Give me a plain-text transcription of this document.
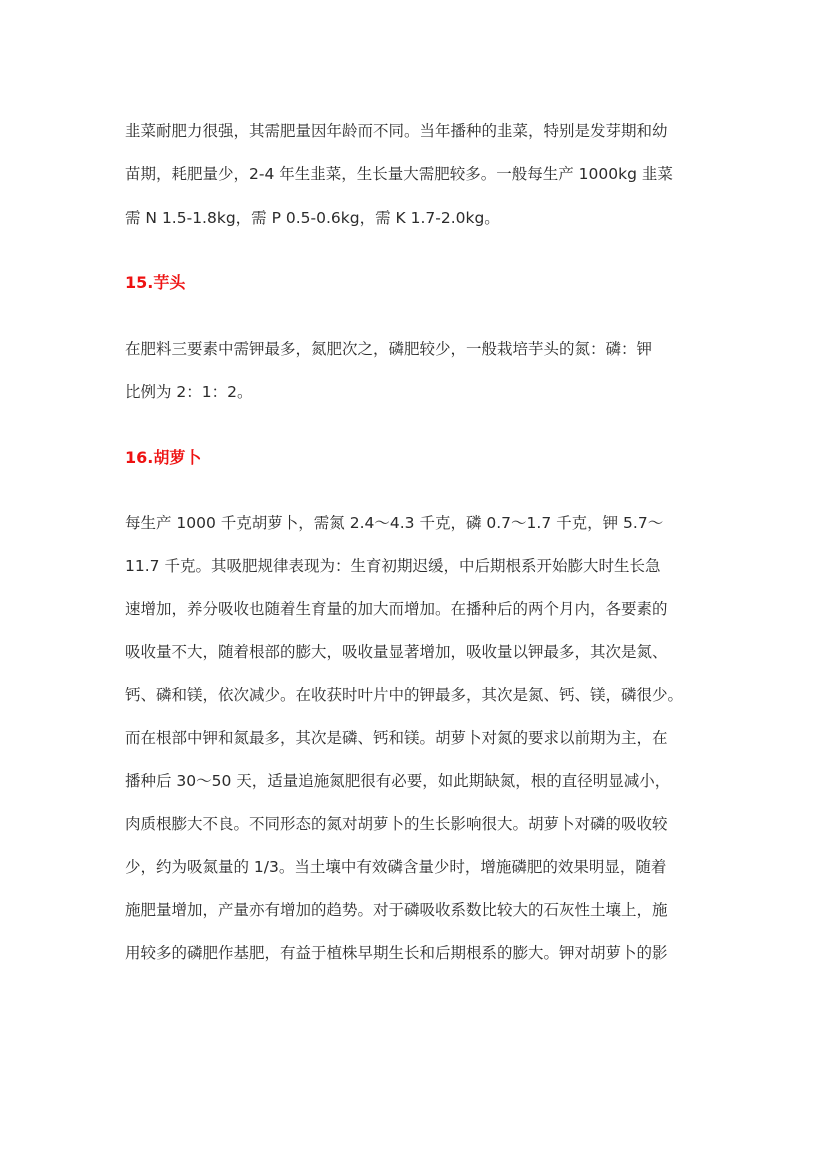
韭菜耐肥力很强，其需肥量因年龄而不同。当年播种的韭菜，特别是发芽期和幼
苗期，耗肥量少，2-4 年生韭菜，生长量大需肥较多。一般每生产 1000kg 韭菜
需 N 1.5-1.8kg，需 P 0.5-0.6kg，需 K 1.7-2.0kg。
15.芋头
在肥料三要素中需钾最多，氮肥次之，磷肥较少，一般栽培芋头的氮：磷：钾
比例为 2：1：2。
16.胡萝卜
每生产 1000 千克胡萝卜，需氮 2.4～4.3 千克，磷 0.7～1.7 千克，钾 5.7～
11.7 千克。其吸肥规律表现为：生育初期迟缓，中后期根系开始膨大时生长急
速增加，养分吸收也随着生育量的加大而增加。在播种后的两个月内，各要素的
吸收量不大，随着根部的膨大，吸收量显著增加，吸收量以钾最多，其次是氮、
钙、磷和镁，依次减少。在收获时叶片中的钾最多，其次是氮、钙、镁，磷很少。
而在根部中钾和氮最多，其次是磷、钙和镁。胡萝卜对氮的要求以前期为主，在
播种后 30～50 天，适量追施氮肥很有必要，如此期缺氮，根的直径明显减小，
肉质根膨大不良。不同形态的氮对胡萝卜的生长影响很大。胡萝卜对磷的吸收较
少，约为吸氮量的 1/3。当土壤中有效磷含量少时，增施磷肥的效果明显，随着
施肥量增加，产量亦有增加的趋势。对于磷吸收系数比较大的石灰性土壤上，施
用较多的磷肥作基肥，有益于植株早期生长和后期根系的膨大。钾对胡萝卜的影
